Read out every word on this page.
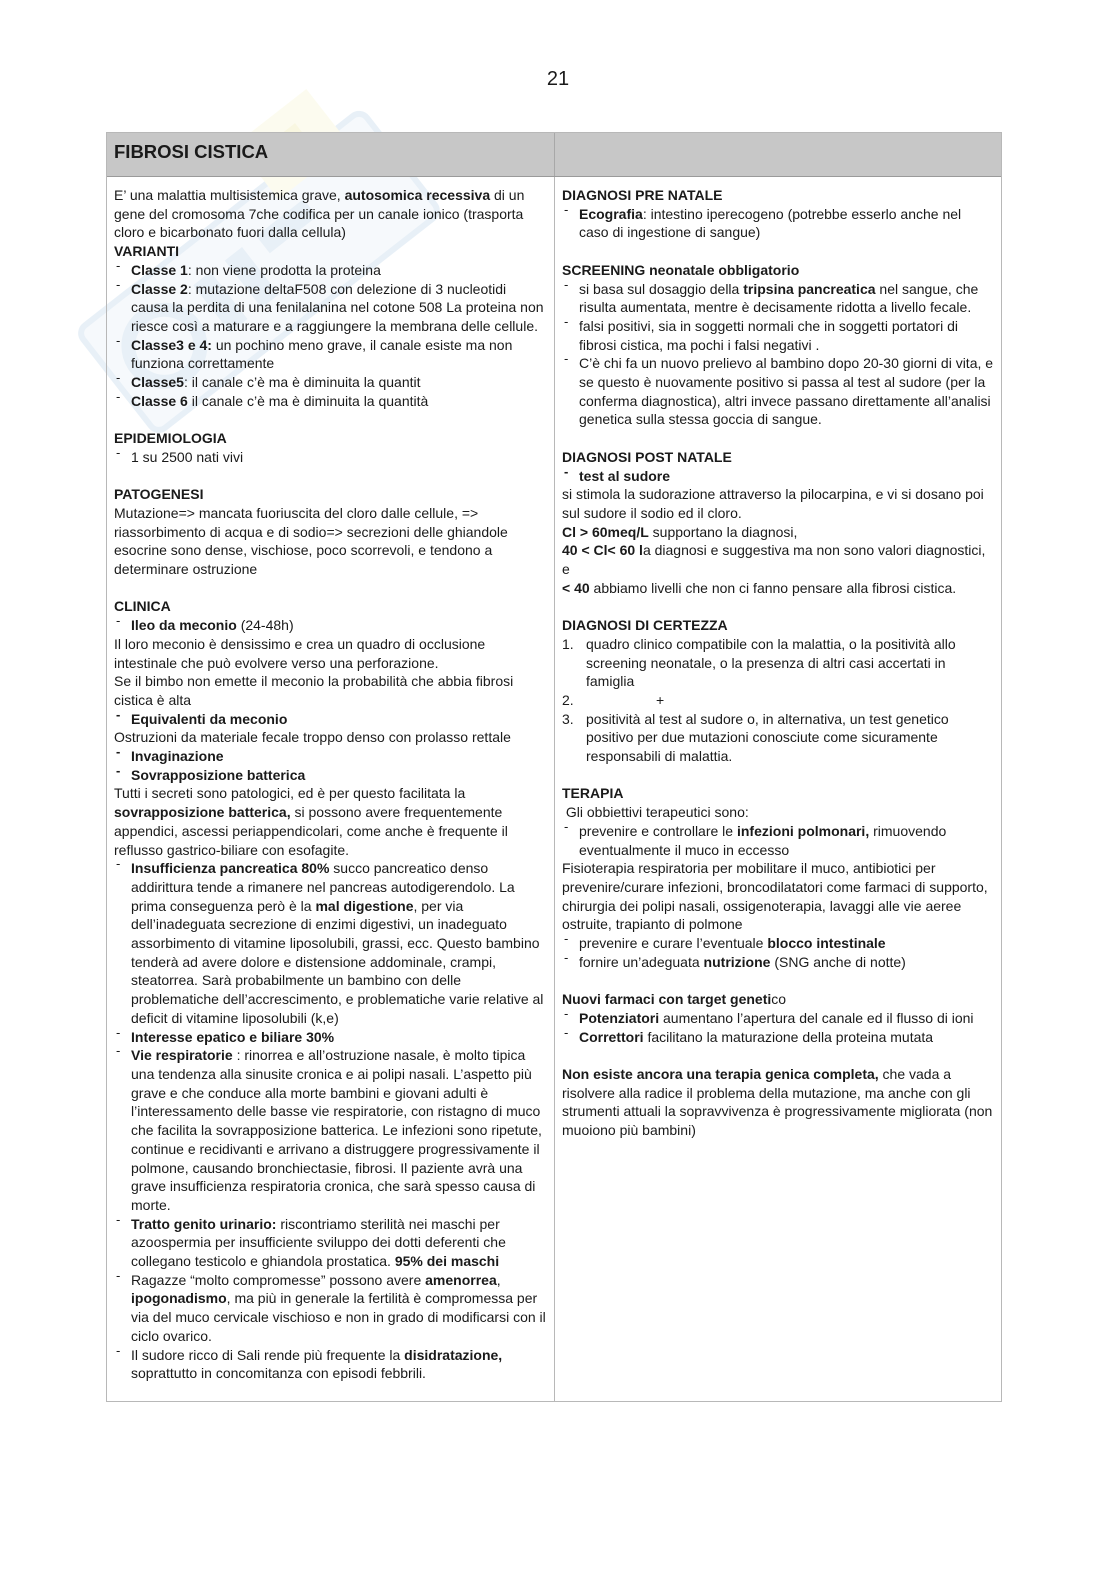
21
FIBROSI CISTICA
E’ una malattia multisistemica grave, autosomica recessiva di un gene del cromosoma 7che codifica per un canale ionico (trasporta cloro e bicarbonato fuori dalla cellula)
VARIANTI
‐ Classe 1: non viene prodotta la proteina
‐ Classe 2: mutazione deltaF508 con delezione di 3 nucleotidi causa la perdita di una fenilalanina nel cotone 508 La proteina non riesce così a maturare e a raggiungere la membrana delle cellule.
‐ Classe3 e 4: un pochino meno grave, il canale esiste ma non funziona correttamente
‐ Classe5: il canale c’è ma è diminuita la quantit
‐ Classe 6 il canale c’è ma è diminuita la quantità
EPIDEMIOLOGIA
‐ 1 su 2500 nati vivi
PATOGENESI
Mutazione=> mancata fuoriuscita del cloro dalle cellule, => riassorbimento di acqua e di sodio=> secrezioni delle ghiandole esocrine sono dense, vischiose, poco scorrevoli, e tendono a determinare ostruzione
CLINICA
‐ Ileo da meconio (24-48h)
Il loro meconio è densissimo e crea un quadro di occlusione intestinale che può evolvere verso una perforazione.
Se il bimbo non emette il meconio la probabilità che abbia fibrosi cistica è alta
‐ Equivalenti da meconio
Ostruzioni da materiale fecale troppo denso con prolasso rettale
‐ Invaginazione
‐ Sovrapposizione batterica
Tutti i secreti sono patologici, ed è per questo facilitata la sovrapposizione batterica, si possono avere frequentemente appendici, ascessi periappendicolari, come anche è frequente il reflusso gastrico-biliare con esofagite.
‐ Insufficienza pancreatica 80% succo pancreatico denso addirittura tende a rimanere nel pancreas autodigerendolo. La prima conseguenza però è la mal digestione, per via dell’inadeguata secrezione di enzimi digestivi, un inadeguato assorbimento di vitamine liposolubili, grassi, ecc. Questo bambino tenderà ad avere dolore e distensione addominale, crampi, steatorrea. Sarà probabilmente un bambino con delle problematiche dell’accrescimento, e problematiche varie relative al deficit di vitamine liposolubili (k,e)
‐ Interesse epatico e biliare 30%
‐ Vie respiratorie : rinorrea e all’ostruzione nasale, è molto tipica una tendenza alla sinusite cronica e ai polipi nasali. L’aspetto più grave e che conduce alla morte bambini e giovani adulti è l’interessamento delle basse vie respiratorie, con ristagno di muco che facilita la sovrapposizione batterica. Le infezioni sono ripetute, continue e recidivanti e arrivano a distruggere progressivamente il polmone, causando bronchiectasie, fibrosi. Il paziente avrà una grave insufficienza respiratoria cronica, che sarà spesso causa di morte.
‐ Tratto genito urinario: riscontriamo sterilità nei maschi per azoospermia per insufficiente sviluppo dei dotti deferenti che collegano testicolo e ghiandola prostatica. 95% dei maschi
‐ Ragazze “molto compromesse” possono avere amenorrea, ipogonadismo, ma più in generale la fertilità è compromessa per via del muco cervicale vischioso e non in grado di modificarsi con il ciclo ovarico.
‐ Il sudore ricco di Sali rende più frequente la disidratazione, soprattutto in concomitanza con episodi febbrili.
DIAGNOSI PRE NATALE
‐ Ecografia: intestino iperecogeno (potrebbe esserlo anche nel caso di ingestione di sangue)
SCREENING neonatale obbligatorio
‐ si basa sul dosaggio della tripsina pancreatica nel sangue, che risulta aumentata, mentre è decisamente ridotta a livello fecale.
‐ falsi positivi, sia in soggetti normali che in soggetti portatori di fibrosi cistica, ma pochi i falsi negativi .
‐ C’è chi fa un nuovo prelievo al bambino dopo 20-30 giorni di vita, e se questo è nuovamente positivo si passa al test al sudore (per la conferma diagnostica), altri invece passano direttamente all’analisi genetica sulla stessa goccia di sangue.
DIAGNOSI POST NATALE
‐ test al sudore
si stimola la sudorazione attraverso la pilocarpina, e vi si dosano poi sul sudore il sodio ed il cloro.
Cl > 60meq/L supportano la diagnosi,
40 < Cl< 60 la diagnosi e suggestiva ma non sono valori diagnostici, e
< 40 abbiamo livelli che non ci fanno pensare alla fibrosi cistica.
DIAGNOSI DI CERTEZZA
1. quadro clinico compatibile con la malattia, o la positività allo screening neonatale, o la presenza di altri casi accertati in famiglia
2.	+
3. positività al test al sudore o, in alternativa, un test genetico positivo per due mutazioni conosciute come sicuramente responsabili di malattia.
TERAPIA
Gli obbiettivi terapeutici sono:
‐ prevenire e controllare le infezioni polmonari, rimuovendo eventualmente il muco in eccesso
Fisioterapia respiratoria per mobilitare il muco, antibiotici per prevenire/curare infezioni, broncodilatatori come farmaci di supporto, chirurgia dei polipi nasali, ossigenoterapia, lavaggi alle vie aeree ostruite, trapianto di polmone
‐ prevenire e curare l’eventuale blocco intestinale
‐ fornire un’adeguata nutrizione (SNG anche di notte)
Nuovi farmaci con target genetico
‐ Potenziatori aumentano l’apertura del canale ed il flusso di ioni
‐ Correttori facilitano la maturazione della proteina mutata
Non esiste ancora una terapia genica completa, che vada a risolvere alla radice il problema della mutazione, ma anche con gli strumenti attuali la sopravvivenza è progressivamente migliorata (non muoiono più bambini)
